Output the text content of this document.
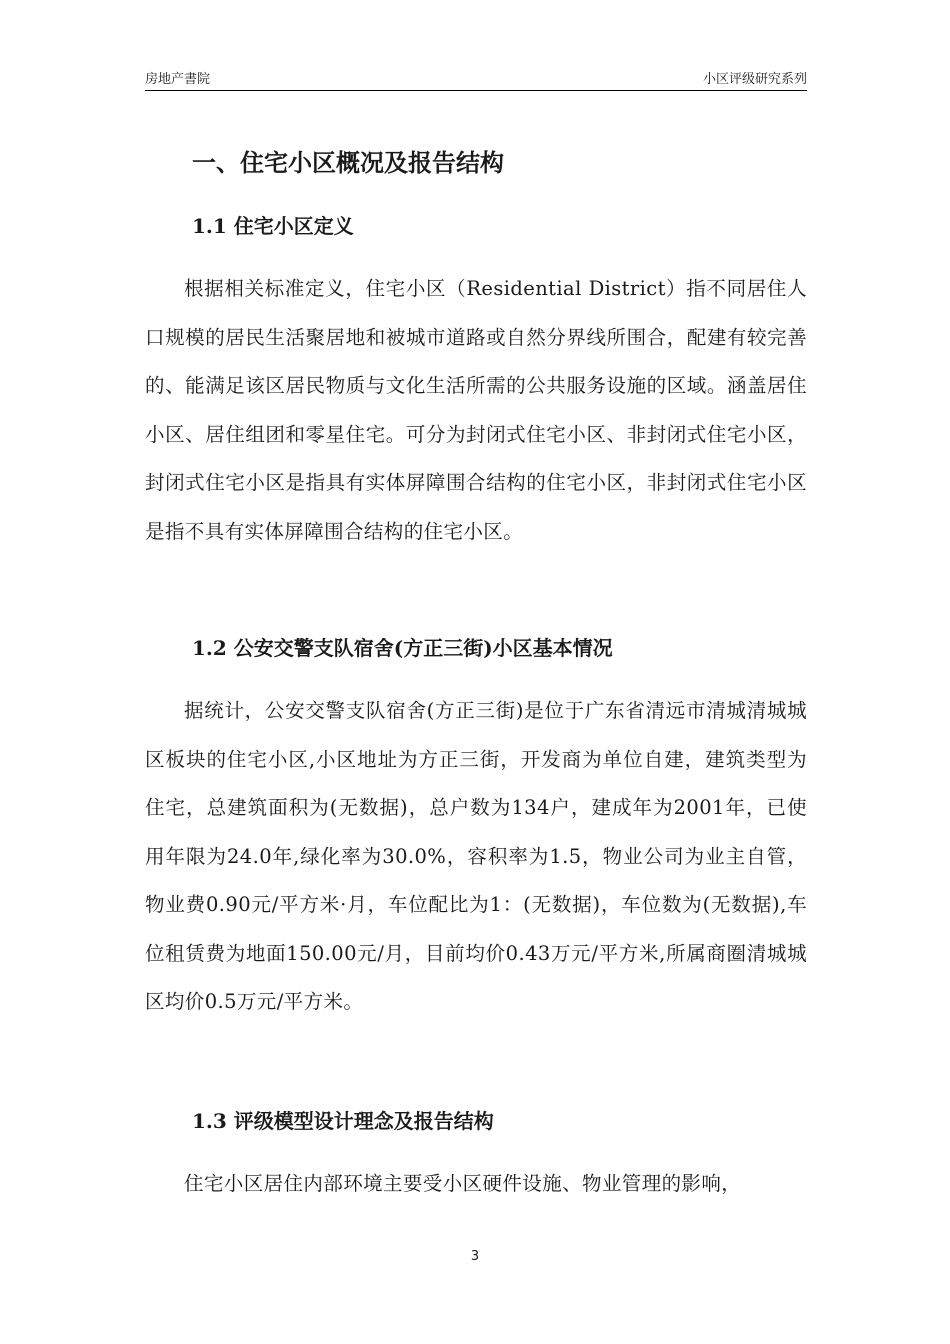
房地产書院	小区评级研究系列
一、住宅小区概况及报告结构
1.1 住宅小区定义

根据相关标准定义，住宅小区（Residential District）指不同居住人口规模的居民生活聚居地和被城市道路或自然分界线所围合，配建有较完善的、能满足该区居民物质与文化生活所需的公共服务设施的区域。涵盖居住小区、居住组团和零星住宅。可分为封闭式住宅小区、非封闭式住宅小区，封闭式住宅小区是指具有实体屏障围合结构的住宅小区，非封闭式住宅小区是指不具有实体屏障围合结构的住宅小区。

1.2 公安交警支队宿舍(方正三街)小区基本情况

据统计，公安交警支队宿舍(方正三街)是位于广东省清远市清城清城城区板块的住宅小区,小区地址为方正三街，开发商为单位自建，建筑类型为住宅，总建筑面积为(无数据)，总户数为134户，建成年为2001年，已使用年限为24.0年,绿化率为30.0%，容积率为1.5，物业公司为业主自管，物业费0.90元/平方米·月，车位配比为1：(无数据)，车位数为(无数据),车位租赁费为地面150.00元/月，目前均价0.43万元/平方米,所属商圈清城城区均价0.5万元/平方米。

1.3 评级模型设计理念及报告结构

住宅小区居住内部环境主要受小区硬件设施、物业管理的影响，

3
